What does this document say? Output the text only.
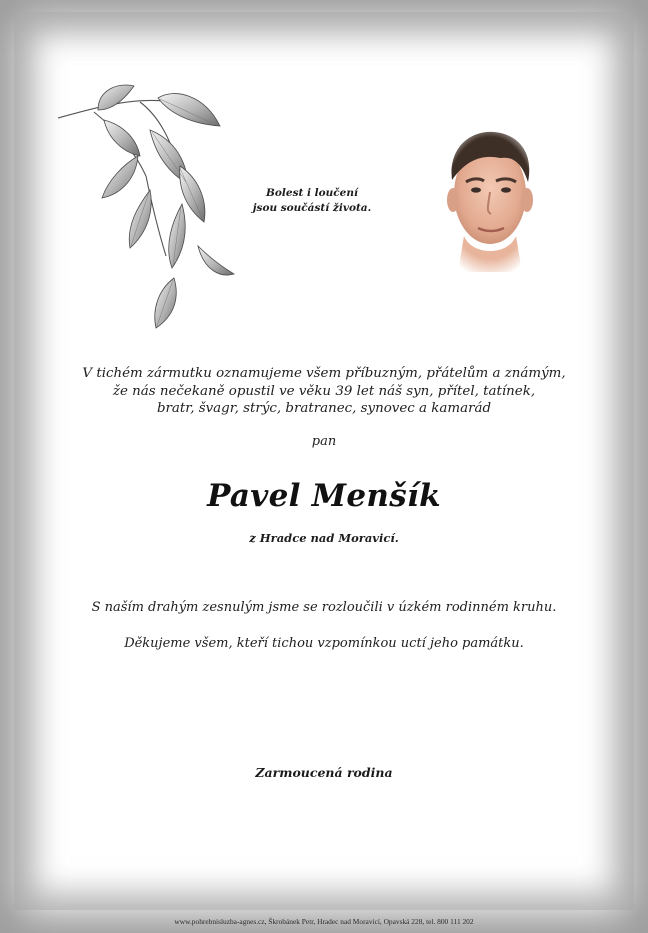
Bolest i loučení
jsou součástí života.
V tichém zármutku oznamujeme všem příbuzným, přátelům a známým,
že nás nečekaně opustil ve věku 39 let náš syn, přítel, tatínek,
bratr, švagr, strýc, bratranec, synovec a kamarád
pan
Pavel Menšík
z Hradce nad Moravicí.
S naším drahým zesnulým jsme se rozloučili v úzkém rodinném kruhu.
Děkujeme všem, kteří tichou vzpomínkou uctí jeho památku.
Zarmoucená rodina
www.pohrebnisluzba-agnes.cz, Škrobánek Petr, Hradec nad Moravicí, Opavská 228, tel. 800 111 202
